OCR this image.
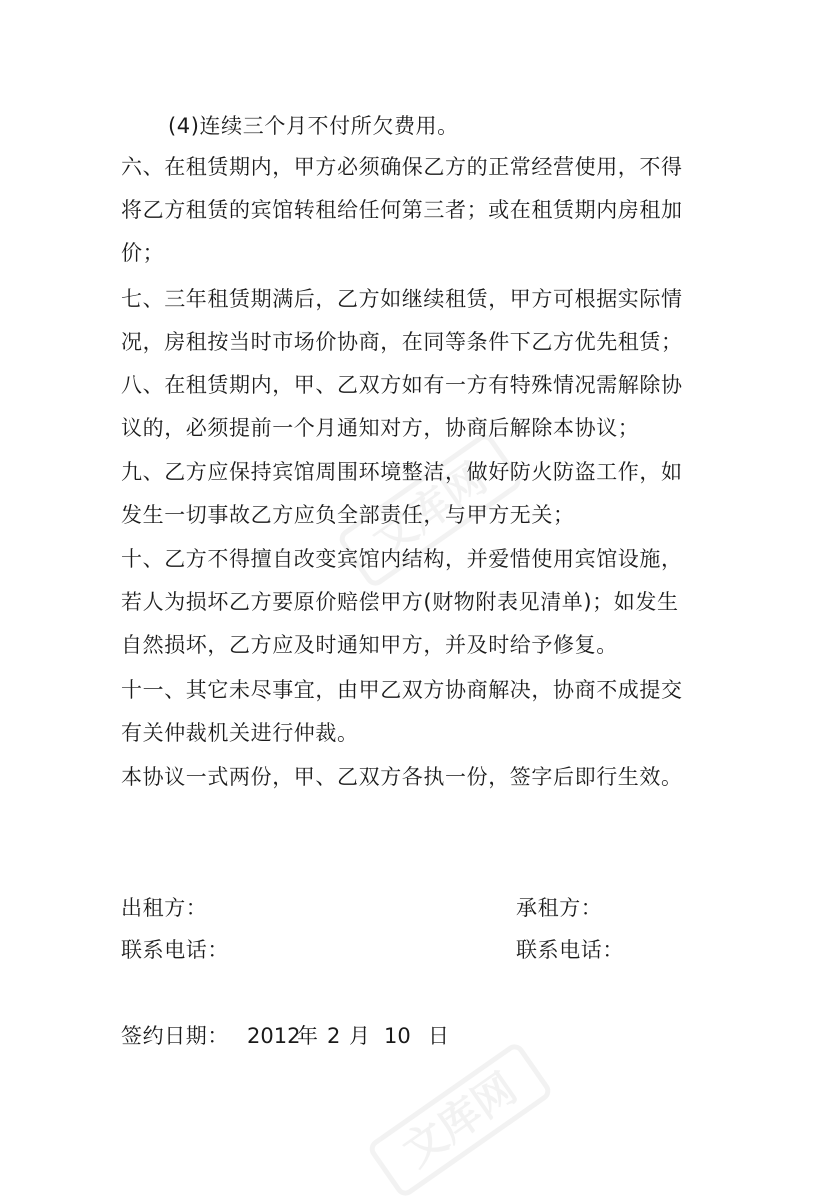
文库网
文库网
(4)连续三个月不付所欠费用。
六、在租赁期内，甲方必须确保乙方的正常经营使用，不得
将乙方租赁的宾馆转租给任何第三者；或在租赁期内房租加
价；
七、三年租赁期满后，乙方如继续租赁，甲方可根据实际情
况，房租按当时市场价协商，在同等条件下乙方优先租赁；
八、在租赁期内，甲、乙双方如有一方有特殊情况需解除协
议的，必须提前一个月通知对方，协商后解除本协议；
九、乙方应保持宾馆周围环境整洁，做好防火防盗工作，如
发生一切事故乙方应负全部责任，与甲方无关；
十、乙方不得擅自改变宾馆内结构，并爱惜使用宾馆设施，
若人为损坏乙方要原价赔偿甲方(财物附表见清单)；如发生
自然损坏，乙方应及时通知甲方，并及时给予修复。
十一、其它未尽事宜，由甲乙双方协商解决，协商不成提交
有关仲裁机关进行仲裁。
本协议一式两份，甲、乙双方各执一份，签字后即行生效。
出租方：	承租方：
联系电话：	联系电话：
签约日期： 2012年 2 月 10 日
